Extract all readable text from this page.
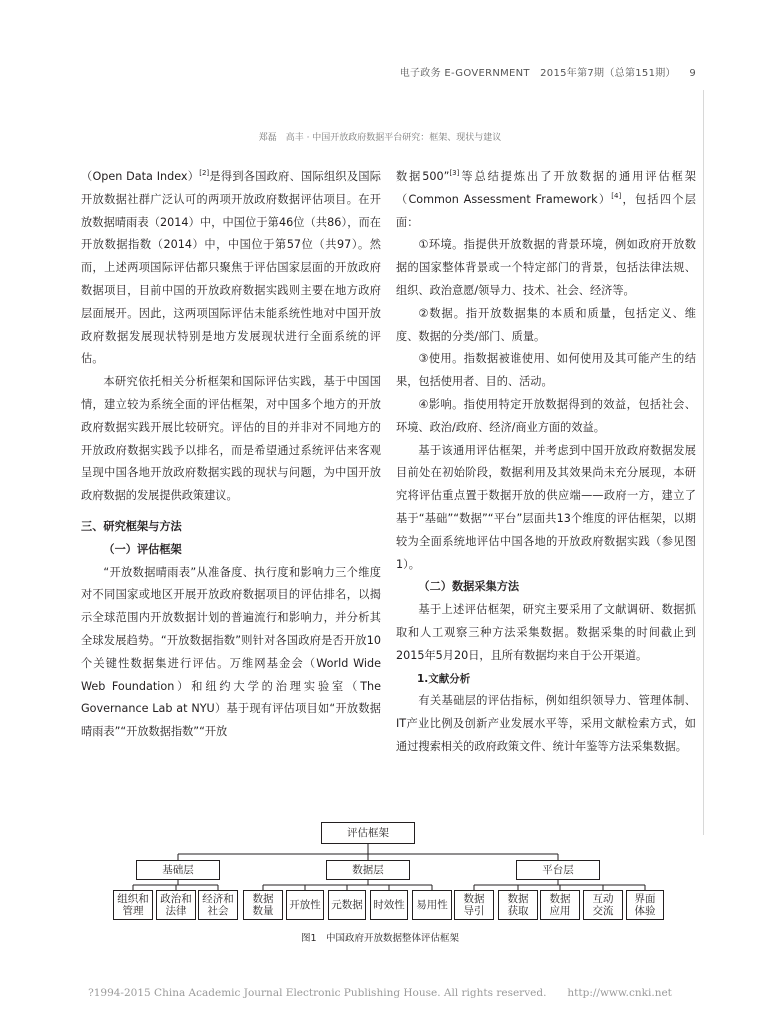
电子政务 E-GOVERNMENT　2015年第7期（总第151期） 9
郑磊　高丰 · 中国开放政府数据平台研究：框架、现状与建议

（Open Data Index）[2]是得到各国政府、国际组织及国际开放数据社群广泛认可的两项开放政府数据评估项目。在开放数据晴雨表（2014）中，中国位于第46位（共86），而在开放数据指数（2014）中，中国位于第57位（共97）。然而，上述两项国际评估都只聚焦于评估国家层面的开放政府数据项目，目前中国的开放政府数据实践则主要在地方政府层面展开。因此，这两项国际评估未能系统性地对中国开放政府数据发展现状特别是地方发展现状进行全面系统的评估。

本研究依托相关分析框架和国际评估实践，基于中国国情，建立较为系统全面的评估框架，对中国多个地方的开放政府数据实践开展比较研究。评估的目的并非对不同地方的开放政府数据实践予以排名，而是希望通过系统评估来客观呈现中国各地开放政府数据实践的现状与问题，为中国开放政府数据的发展提供政策建议。

三、研究框架与方法

（一）评估框架

“开放数据晴雨表”从准备度、执行度和影响力三个维度对不同国家或地区开展开放政府数据项目的评估排名，以揭示全球范围内开放数据计划的普遍流行和影响力，并分析其全球发展趋势。“开放数据指数”则针对各国政府是否开放10个关键性数据集进行评估。万维网基金会（World Wide Web Foundation）和纽约大学的治理实验室（The Governance Lab at NYU）基于现有评估项目如“开放数据晴雨表”“开放数据指数”“开放

数据500”[3]等总结提炼出了开放数据的通用评估框架（Common Assessment Framework）[4]，包括四个层面：

①环境。指提供开放数据的背景环境，例如政府开放数据的国家整体背景或一个特定部门的背景，包括法律法规、组织、政治意愿/领导力、技术、社会、经济等。

②数据。指开放数据集的本质和质量，包括定义、维度、数据的分类/部门、质量。

③使用。指数据被谁使用、如何使用及其可能产生的结果，包括使用者、目的、活动。

④影响。指使用特定开放数据得到的效益，包括社会、环境、政治/政府、经济/商业方面的效益。

基于该通用评估框架，并考虑到中国开放政府数据发展目前处在初始阶段，数据利用及其效果尚未充分展现，本研究将评估重点置于数据开放的供应端——政府一方，建立了基于“基础”“数据”“平台”层面共13个维度的评估框架，以期较为全面系统地评估中国各地的开放政府数据实践（参见图1）。

（二）数据采集方法

基于上述评估框架，研究主要采用了文献调研、数据抓取和人工观察三种方法采集数据。数据采集的时间截止到2015年5月20日，且所有数据均来自于公开渠道。

1.文献分析

有关基础层的评估指标，例如组织领导力、管理体制、IT产业比例及创新产业发展水平等，采用文献检索方式，如通过搜索相关的政府政策文件、统计年鉴等方法采集数据。

评估框架
基础层	数据层	平台层
组织和
管理
政治和
法律
经济和
社会
数据
数量	开放性	元数据	时效性	易用性	数据
导引
数据
获取
数据
应用
互动
交流
界面
体验
图1　中国政府开放数据整体评估框架
?1994-2015 China Academic Journal Electronic Publishing House. All rights reserved.　　http://www.cnki.net
